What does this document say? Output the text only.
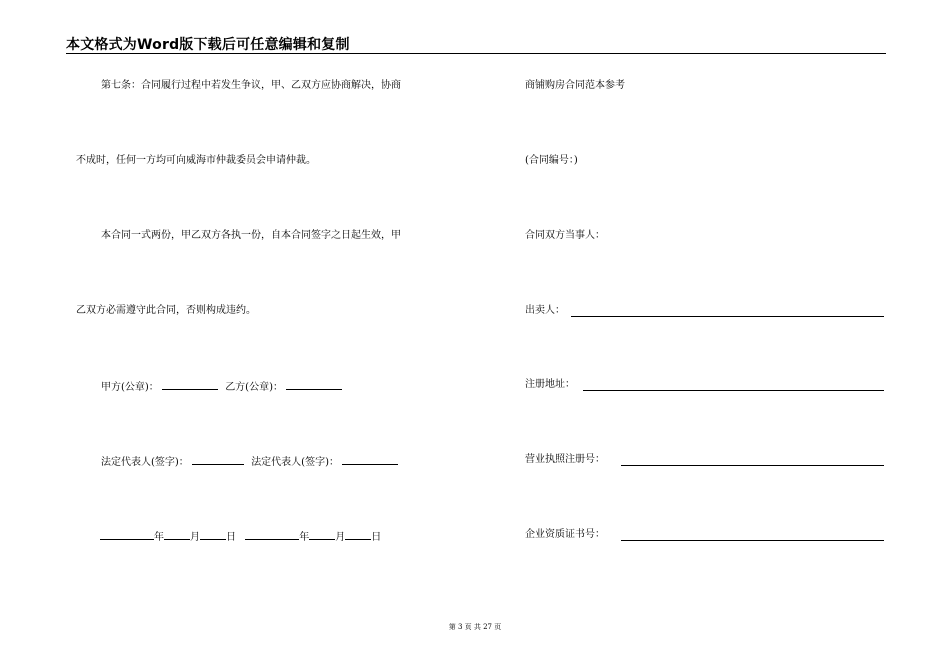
本文格式为Word版下载后可任意编辑和复制
第七条：合同履行过程中若发生争议，甲、乙双方应协商解决，协商
不成时，任何一方均可向威海市仲裁委员会申请仲裁。
本合同一式两份，甲乙双方各执一份，自本合同签字之日起生效，甲
乙双方必需遵守此合同，否则构成违约。
甲方(公章)：	乙方(公章)：
法定代表人(签字)：	法定代表人(签字)：
年	月	日	年	月	日
商铺购房合同范本参考
(合同编号：)
合同双方当事人：
出卖人：
注册地址：
营业执照注册号：
企业资质证书号：
第 3 页 共 27 页
